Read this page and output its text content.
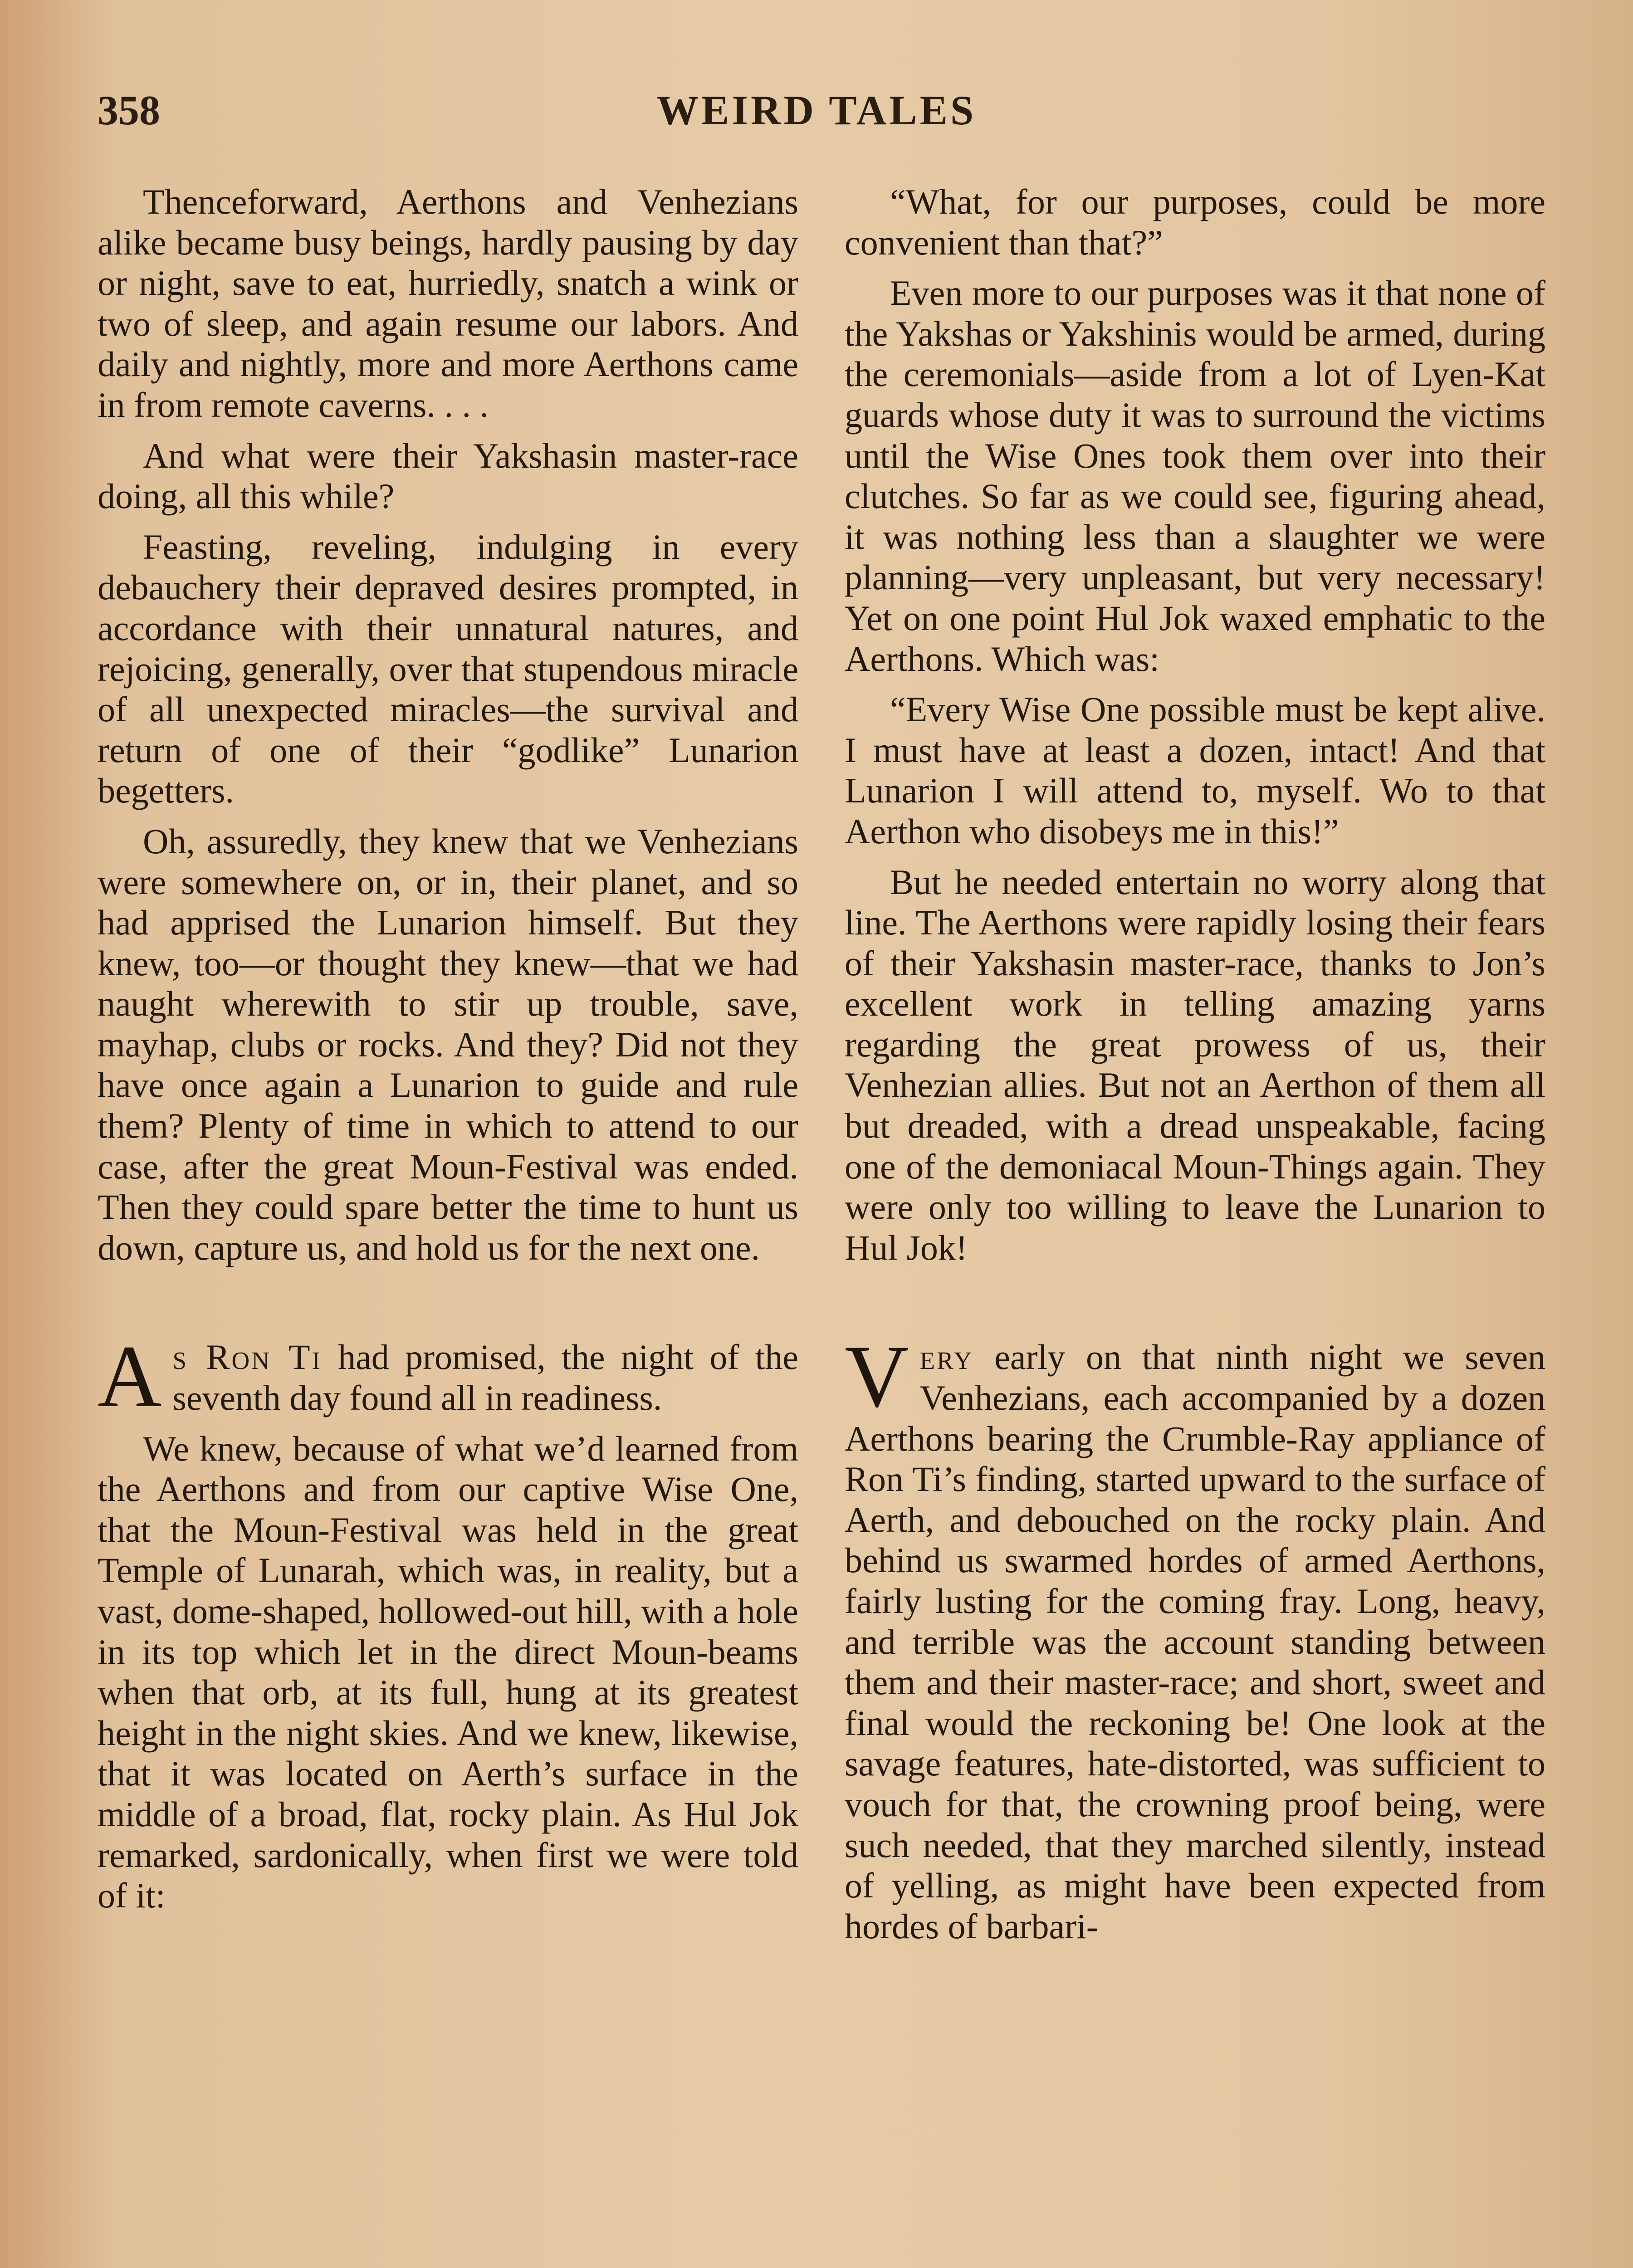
358	WEIRD TALES

Thenceforward, Aerthons and Venhezians alike became busy beings, hardly pausing by day or night, save to eat, hurriedly, snatch a wink or two of sleep, and again resume our labors. And daily and nightly, more and more Aerthons came in from remote caverns. . . .

And what were their Yakshasin master-race doing, all this while?

Feasting, reveling, indulging in every debauchery their depraved desires prompted, in accordance with their unnatural natures, and rejoicing, generally, over that stupendous miracle of all unexpected miracles—the survival and return of one of their “godlike” Lunarion begetters.

Oh, assuredly, they knew that we Venhezians were somewhere on, or in, their planet, and so had apprised the Lunarion himself. But they knew, too—or thought they knew—that we had naught wherewith to stir up trouble, save, mayhap, clubs or rocks. And they? Did not they have once again a Lunarion to guide and rule them? Plenty of time in which to attend to our case, after the great Moun-Festival was ended. Then they could spare better the time to hunt us down, capture us, and hold us for the next one.

As Ron Ti had promised, the night of the seventh day found all in readiness.

We knew, because of what we’d learned from the Aerthons and from our captive Wise One, that the Moun-Festival was held in the great Temple of Lunarah, which was, in reality, but a vast, dome-shaped, hollowed-out hill, with a hole in its top which let in the direct Moun-beams when that orb, at its full, hung at its greatest height in the night skies. And we knew, likewise, that it was located on Aerth’s surface in the middle of a broad, flat, rocky plain. As Hul Jok remarked, sardonically, when first we were told of it:

“What, for our purposes, could be more convenient than that?”

Even more to our purposes was it that none of the Yakshas or Yakshinis would be armed, during the ceremonials—aside from a lot of Lyen-Kat guards whose duty it was to surround the victims until the Wise Ones took them over into their clutches. So far as we could see, figuring ahead, it was nothing less than a slaughter we were planning—very unpleasant, but very necessary! Yet on one point Hul Jok waxed emphatic to the Aerthons. Which was:

“Every Wise One possible must be kept alive. I must have at least a dozen, intact! And that Lunarion I will attend to, myself. Wo to that Aerthon who disobeys me in this!”

But he needed entertain no worry along that line. The Aerthons were rapidly losing their fears of their Yakshasin master-race, thanks to Jon’s excellent work in telling amazing yarns regarding the great prowess of us, their Venhezian allies. But not an Aerthon of them all but dreaded, with a dread unspeakable, facing one of the demoniacal Moun-Things again. They were only too willing to leave the Lunarion to Hul Jok!

Very early on that ninth night we seven Venhezians, each accompanied by a dozen Aerthons bearing the Crumble-Ray appliance of Ron Ti’s finding, started upward to the surface of Aerth, and debouched on the rocky plain. And behind us swarmed hordes of armed Aerthons, fairly lusting for the coming fray. Long, heavy, and terrible was the account standing between them and their master-race; and short, sweet and final would the reckoning be! One look at the savage features, hate-distorted, was sufficient to vouch for that, the crowning proof being, were such needed, that they marched silently, instead of yelling, as might have been expected from hordes of barbari-
